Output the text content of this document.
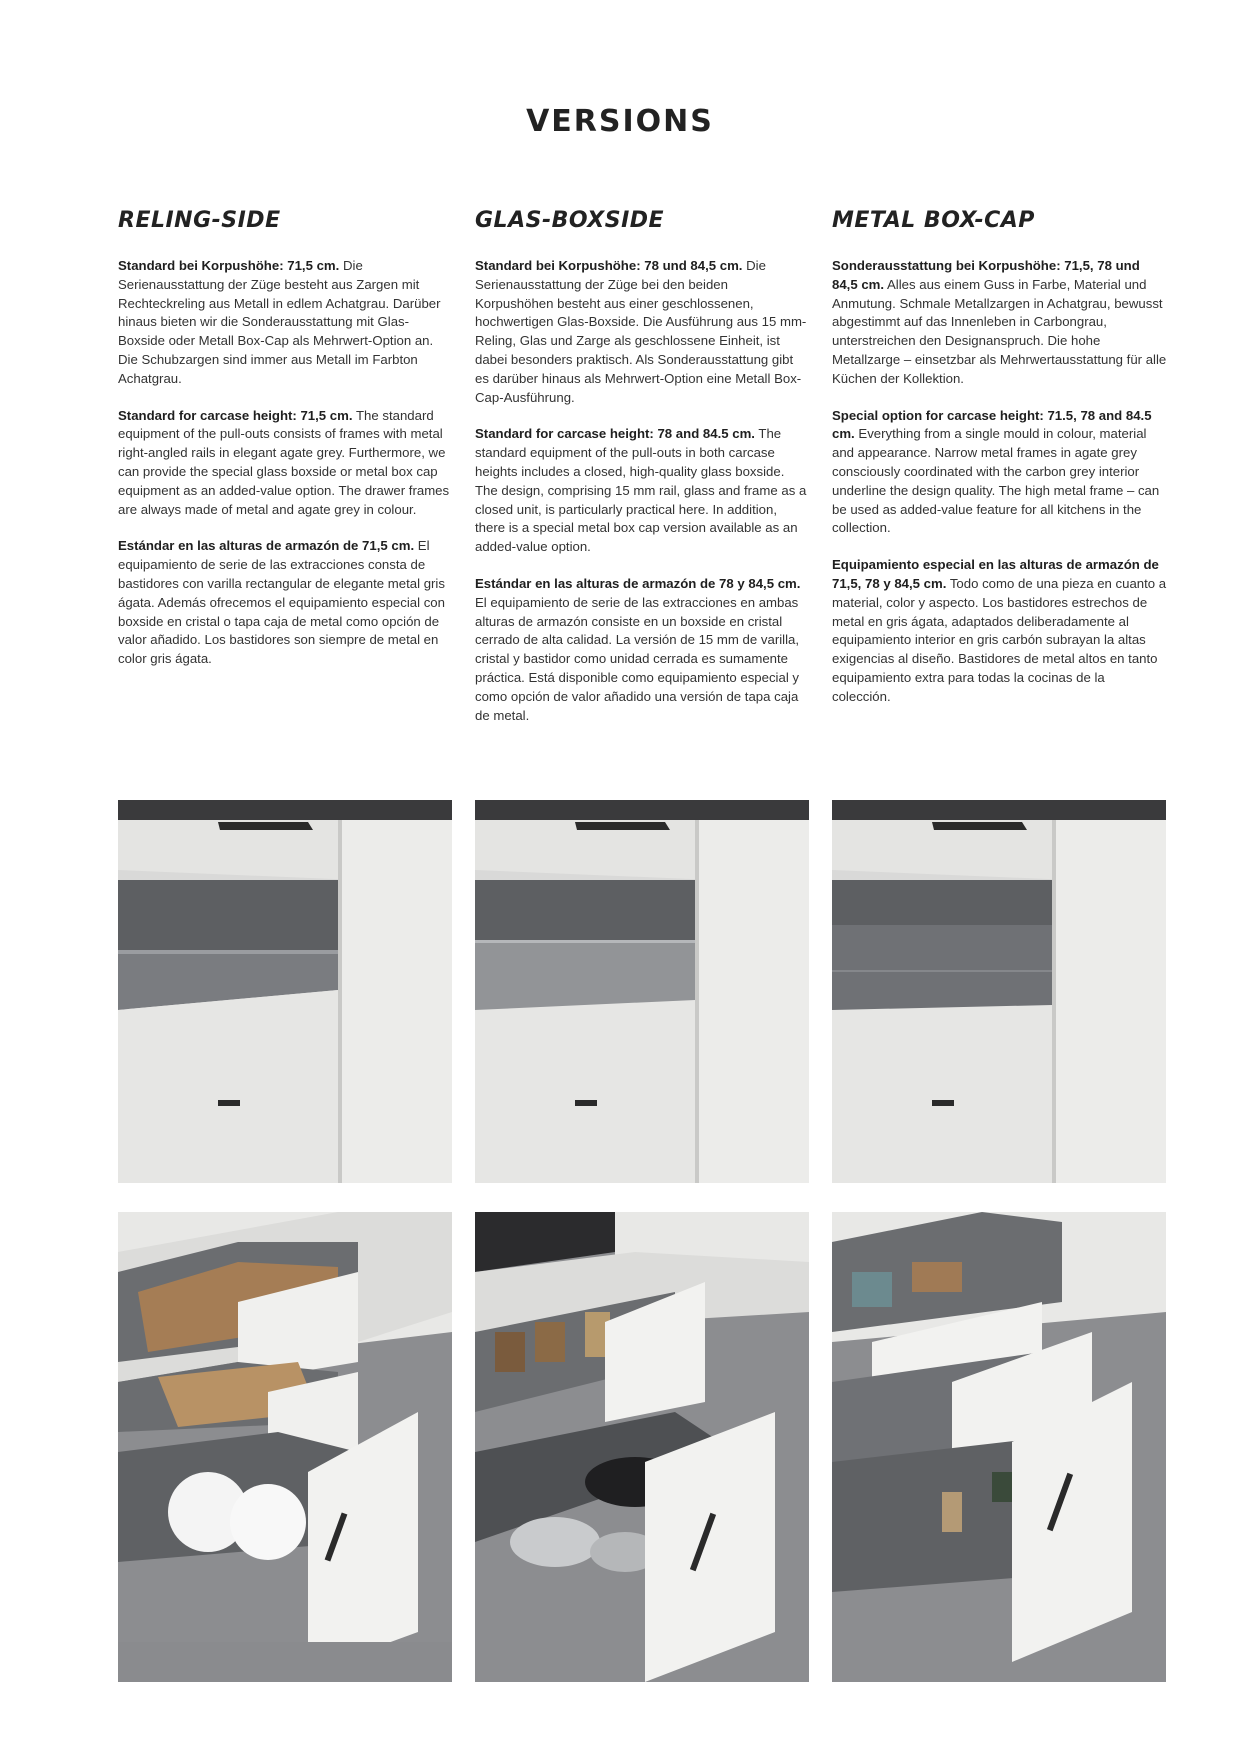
VERSIONS
RELING-SIDE

Standard bei Korpushöhe: 71,5 cm. Die Serienausstattung der Züge besteht aus Zargen mit Rechteckreling aus Metall in edlem Achatgrau. Darüber hinaus bieten wir die Sonderausstattung mit Glas-Boxside oder Metall Box-Cap als Mehrwert-Option an. Die Schubzargen sind immer aus Metall im Farbton Achatgrau.

Standard for carcase height: 71,5 cm. The standard equipment of the pull-outs consists of frames with metal right-angled rails in elegant agate grey. Furthermore, we can provide the special glass boxside or metal box cap equipment as an added-value option. The drawer frames are always made of metal and agate grey in colour.

Estándar en las alturas de armazón de 71,5 cm. El equipamiento de serie de las extracciones consta de bastidores con varilla rectangular de elegante metal gris ágata. Además ofrecemos el equipamiento especial con boxside en cristal o tapa caja de metal como opción de valor añadido. Los bastidores son siempre de metal en color gris ágata.

GLAS-BOXSIDE

Standard bei Korpushöhe: 78 und 84,5 cm. Die Serienausstattung der Züge bei den beiden Korpushöhen besteht aus einer geschlossenen, hochwertigen Glas-Boxside. Die Ausführung aus 15 mm-Reling, Glas und Zarge als geschlossene Einheit, ist dabei besonders praktisch. Als Sonderausstattung gibt es darüber hinaus als Mehrwert-Option eine Metall Box-Cap-Ausführung.

Standard for carcase height: 78 and 84.5 cm. The standard equipment of the pull-outs in both carcase heights includes a closed, high-quality glass boxside. The design, comprising 15 mm rail, glass and frame as a closed unit, is particularly practical here. In addition, there is a special metal box cap version available as an added-value option.

Estándar en las alturas de armazón de 78 y 84,5 cm. El equipamiento de serie de las extracciones en ambas alturas de armazón consiste en un boxside en cristal cerrado de alta calidad. La versión de 15 mm de varilla, cristal y bastidor como unidad cerrada es sumamente práctica. Está disponible como equipamiento especial y como opción de valor añadido una versión de tapa caja de metal.

METAL BOX-CAP

Sonderausstattung bei Korpushöhe: 71,5, 78 und 84,5 cm. Alles aus einem Guss in Farbe, Material und Anmutung. Schmale Metallzargen in Achatgrau, bewusst abgestimmt auf das Innenleben in Carbongrau, unterstreichen den Designanspruch. Die hohe Metallzarge – einsetzbar als Mehrwertausstattung für alle Küchen der Kollektion.

Special option for carcase height: 71.5, 78 and 84.5 cm. Everything from a single mould in colour, material and appearance. Narrow metal frames in agate grey consciously coordinated with the carbon grey interior underline the design quality. The high metal frame – can be used as added-value feature for all kitchens in the collection.

Equipamiento especial en las alturas de armazón de 71,5, 78 y 84,5 cm. Todo como de una pieza en cuanto a material, color y aspecto. Los bastidores estrechos de metal en gris ágata, adaptados deliberadamente al equipamiento interior en gris carbón subrayan la altas exigencias al diseño. Bastidores de metal altos en tanto equipamiento extra para todas la cocinas de la colección.
